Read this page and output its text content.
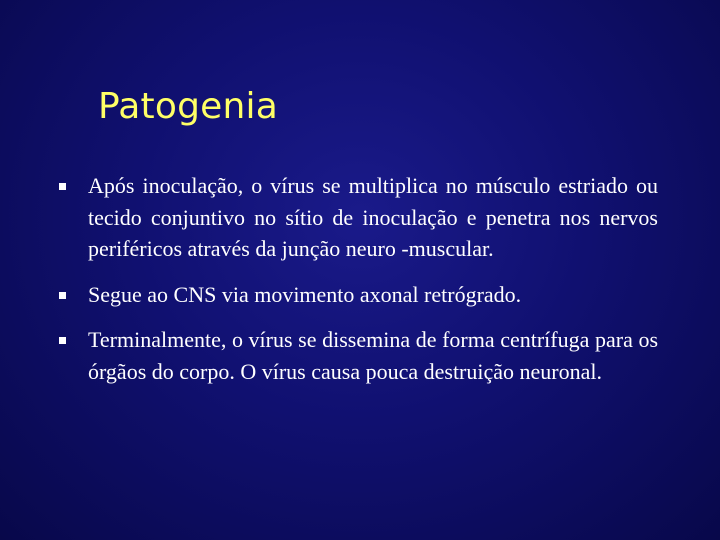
Patogenia
Após inoculação, o vírus se multiplica no músculo estriado ou tecido conjuntivo no sítio de inoculação e penetra nos nervos periféricos através da junção neuro -muscular.
Segue ao CNS via movimento axonal retrógrado.
Terminalmente, o vírus se dissemina de forma centrífuga para os órgãos do corpo. O vírus causa pouca destruição neuronal.
